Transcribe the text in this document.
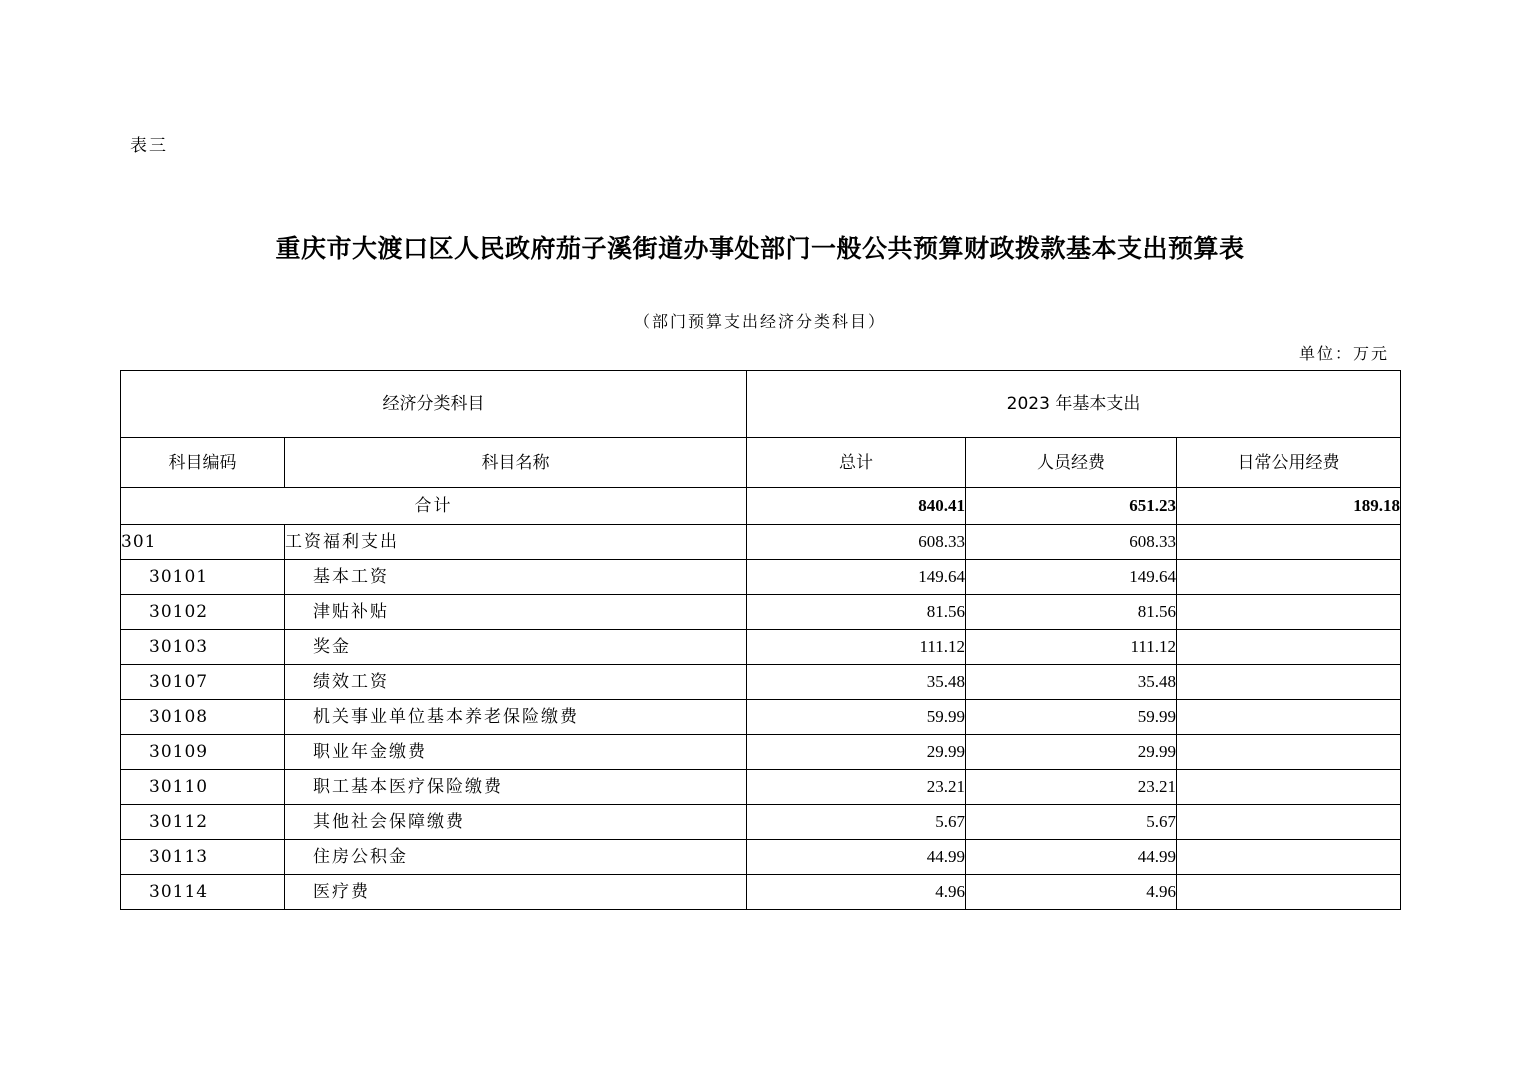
表三
重庆市大渡口区人民政府茄子溪街道办事处部门一般公共预算财政拨款基本支出预算表
（部门预算支出经济分类科目）
单位：万元
经济分类科目		2023 年基本支出		
科目编码	科目名称	总计	人员经费	日常公用经费
合计		840.41	651.23	189.18
301	工资福利支出	608.33	608.33	
30101	基本工资	149.64	149.64	
30102	津贴补贴	81.56	81.56	
30103	奖金	111.12	111.12	
30107	绩效工资	35.48	35.48	
30108	机关事业单位基本养老保险缴费	59.99	59.99	
30109	职业年金缴费	29.99	29.99	
30110	职工基本医疗保险缴费	23.21	23.21	
30112	其他社会保障缴费	5.67	5.67	
30113	住房公积金	44.99	44.99	
30114	医疗费	4.96	4.96	
